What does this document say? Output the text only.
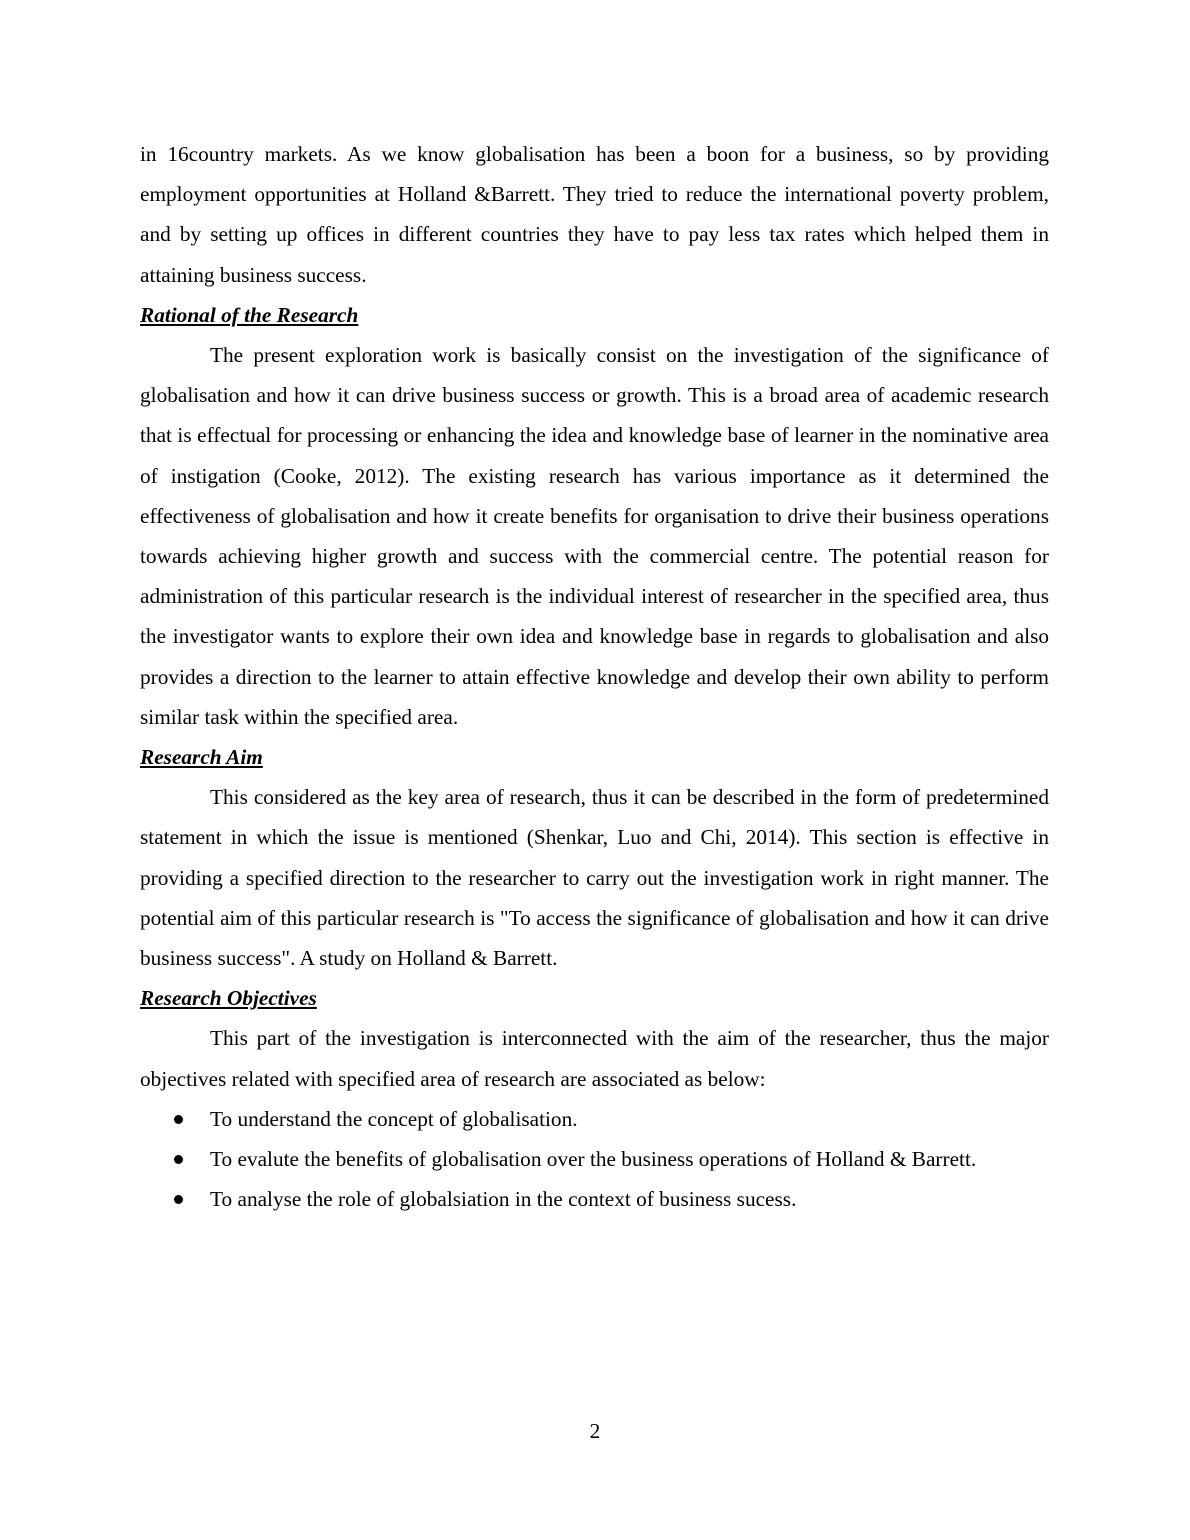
in 16country markets. As we know globalisation has been a boon for a business, so by providing employment opportunities at Holland &Barrett. They tried to reduce the international poverty problem, and by setting up offices in different countries they have to pay less tax rates which helped them in attaining business success.

Rational of the Research

The present exploration work is basically consist on the investigation of the significance of globalisation and how it can drive business success or growth. This is a broad area of academic research that is effectual for processing or enhancing the idea and knowledge base of learner in the nominative area of instigation (Cooke, 2012). The existing research has various importance as it determined the effectiveness of globalisation and how it create benefits for organisation to drive their business operations towards achieving higher growth and success with the commercial centre. The potential reason for administration of this particular research is the individual interest of researcher in the specified area, thus the investigator wants to explore their own idea and knowledge base in regards to globalisation and also provides a direction to the learner to attain effective knowledge and develop their own ability to perform similar task within the specified area.

Research Aim

This considered as the key area of research, thus it can be described in the form of predetermined statement in which the issue is mentioned (Shenkar, Luo and Chi, 2014). This section is effective in providing a specified direction to the researcher to carry out the investigation work in right manner. The potential aim of this particular research is "To access the significance of globalisation and how it can drive business success". A study on Holland & Barrett.

Research Objectives

This part of the investigation is interconnected with the aim of the researcher, thus the major objectives related with specified area of research are associated as below:

To understand the concept of globalisation.
To evalute the benefits of globalisation over the business operations of Holland & Barrett.
To analyse the role of globalsiation in the context of business sucess.
2
